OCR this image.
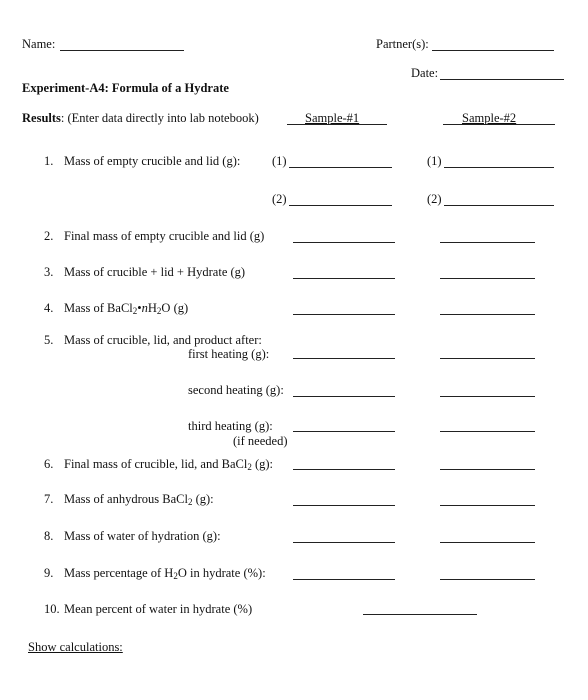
Name:	Partner(s):
Date:
Experiment-A4: Formula of a Hydrate
Results: (Enter data directly into lab notebook)	Sample-#1	Sample-#2
1. Mass of empty crucible and lid (g):	(1)	(1)
(2)	(2)
2. Final mass of empty crucible and lid (g)
3. Mass of crucible + lid + Hydrate (g)
4. Mass of $BaCl_2•nH_2O$ (g)
5. Mass of crucible, lid, and product after:
first heating (g):
second heating (g):
third heating (g):
(if needed)
6. Final mass of crucible, lid, and BaCl$_2$ (g):
7. Mass of anhydrous BaCl$_2$ (g):
8. Mass of water of hydration (g):
9. Mass percentage of $H_2O$ in hydrate (%):
10. Mean percent of water in hydrate (%)
Show calculations:
